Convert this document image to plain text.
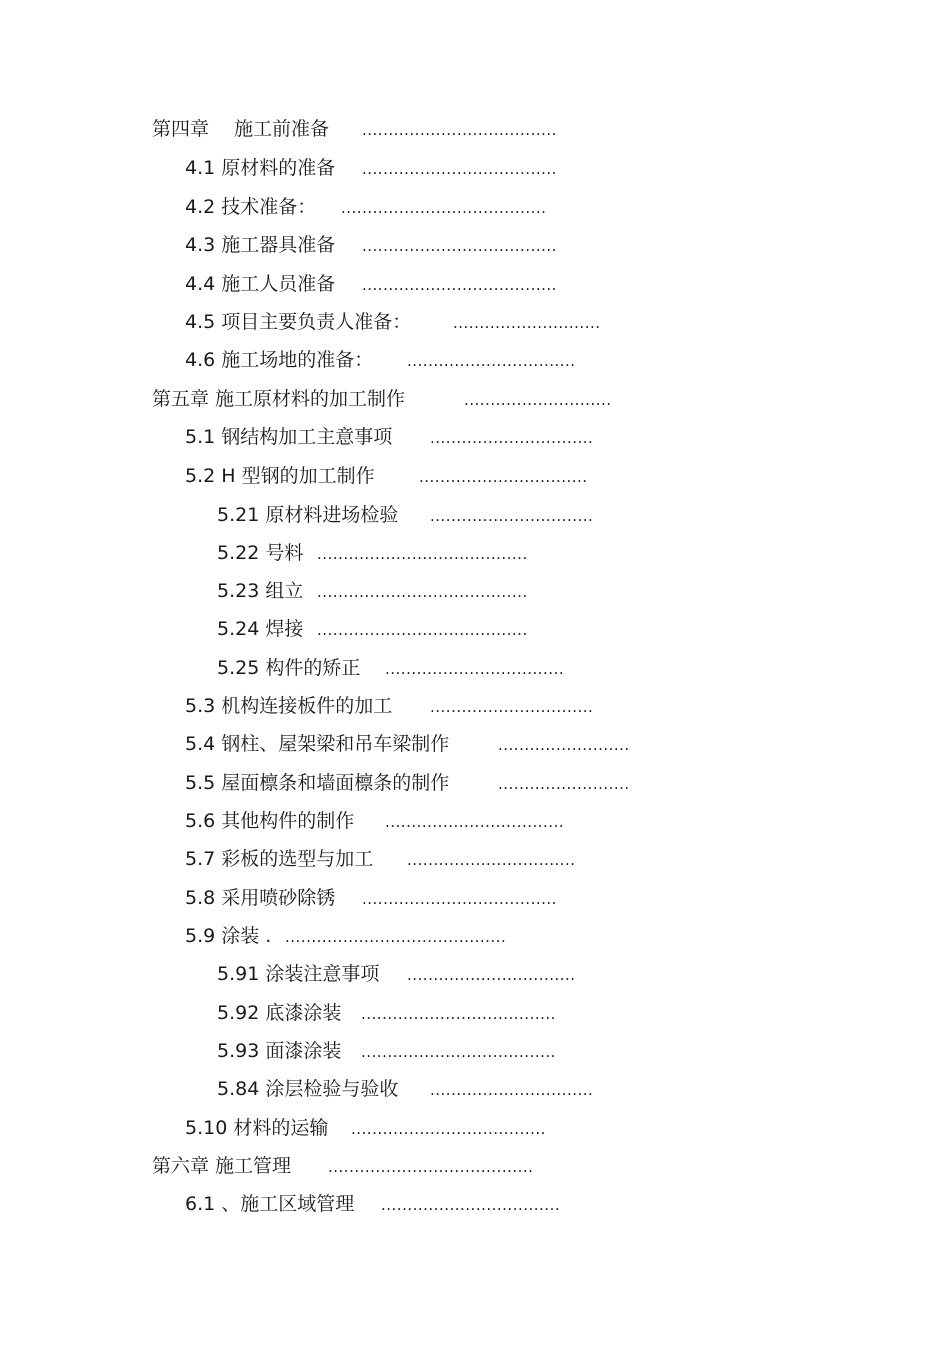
第四章　 施工前准备 .....................................
4.1 原材料的准备 .....................................
4.2 技术准备： .......................................
4.3 施工器具准备 .....................................
4.4 施工人员准备 .....................................
4.5 项目主要负责人准备：	............................
4.6 施工场地的准备： ................................
第五章 施工原材料的加工制作	............................
5.1 钢结构加工主意事项	...............................
5.2 H 型钢的加工制作	................................
5.21 原材料进场检验 ...............................
5.22 号料 ........................................
5.23 组立 ........................................
5.24 焊接 ........................................
5.25 构件的矫正 ..................................
5.3 机构连接板件的加工	...............................
5.4 钢柱、屋架梁和吊车梁制作	.........................
5.5 屋面檩条和墙面檩条的制作	.........................
5.6 其他构件的制作 ..................................
5.7 彩板的选型与加工 ................................
5.8 采用喷砂除锈 .....................................
5.9 涂装 . ..........................................
5.91 涂装注意事项 ................................
5.92 底漆涂装 .....................................
5.93 面漆涂装 .....................................
5.84 涂层检验与验收 ...............................
5.10 材料的运输 .....................................
第六章 施工管理 .......................................
6.1 、施工区域管理 ..................................
